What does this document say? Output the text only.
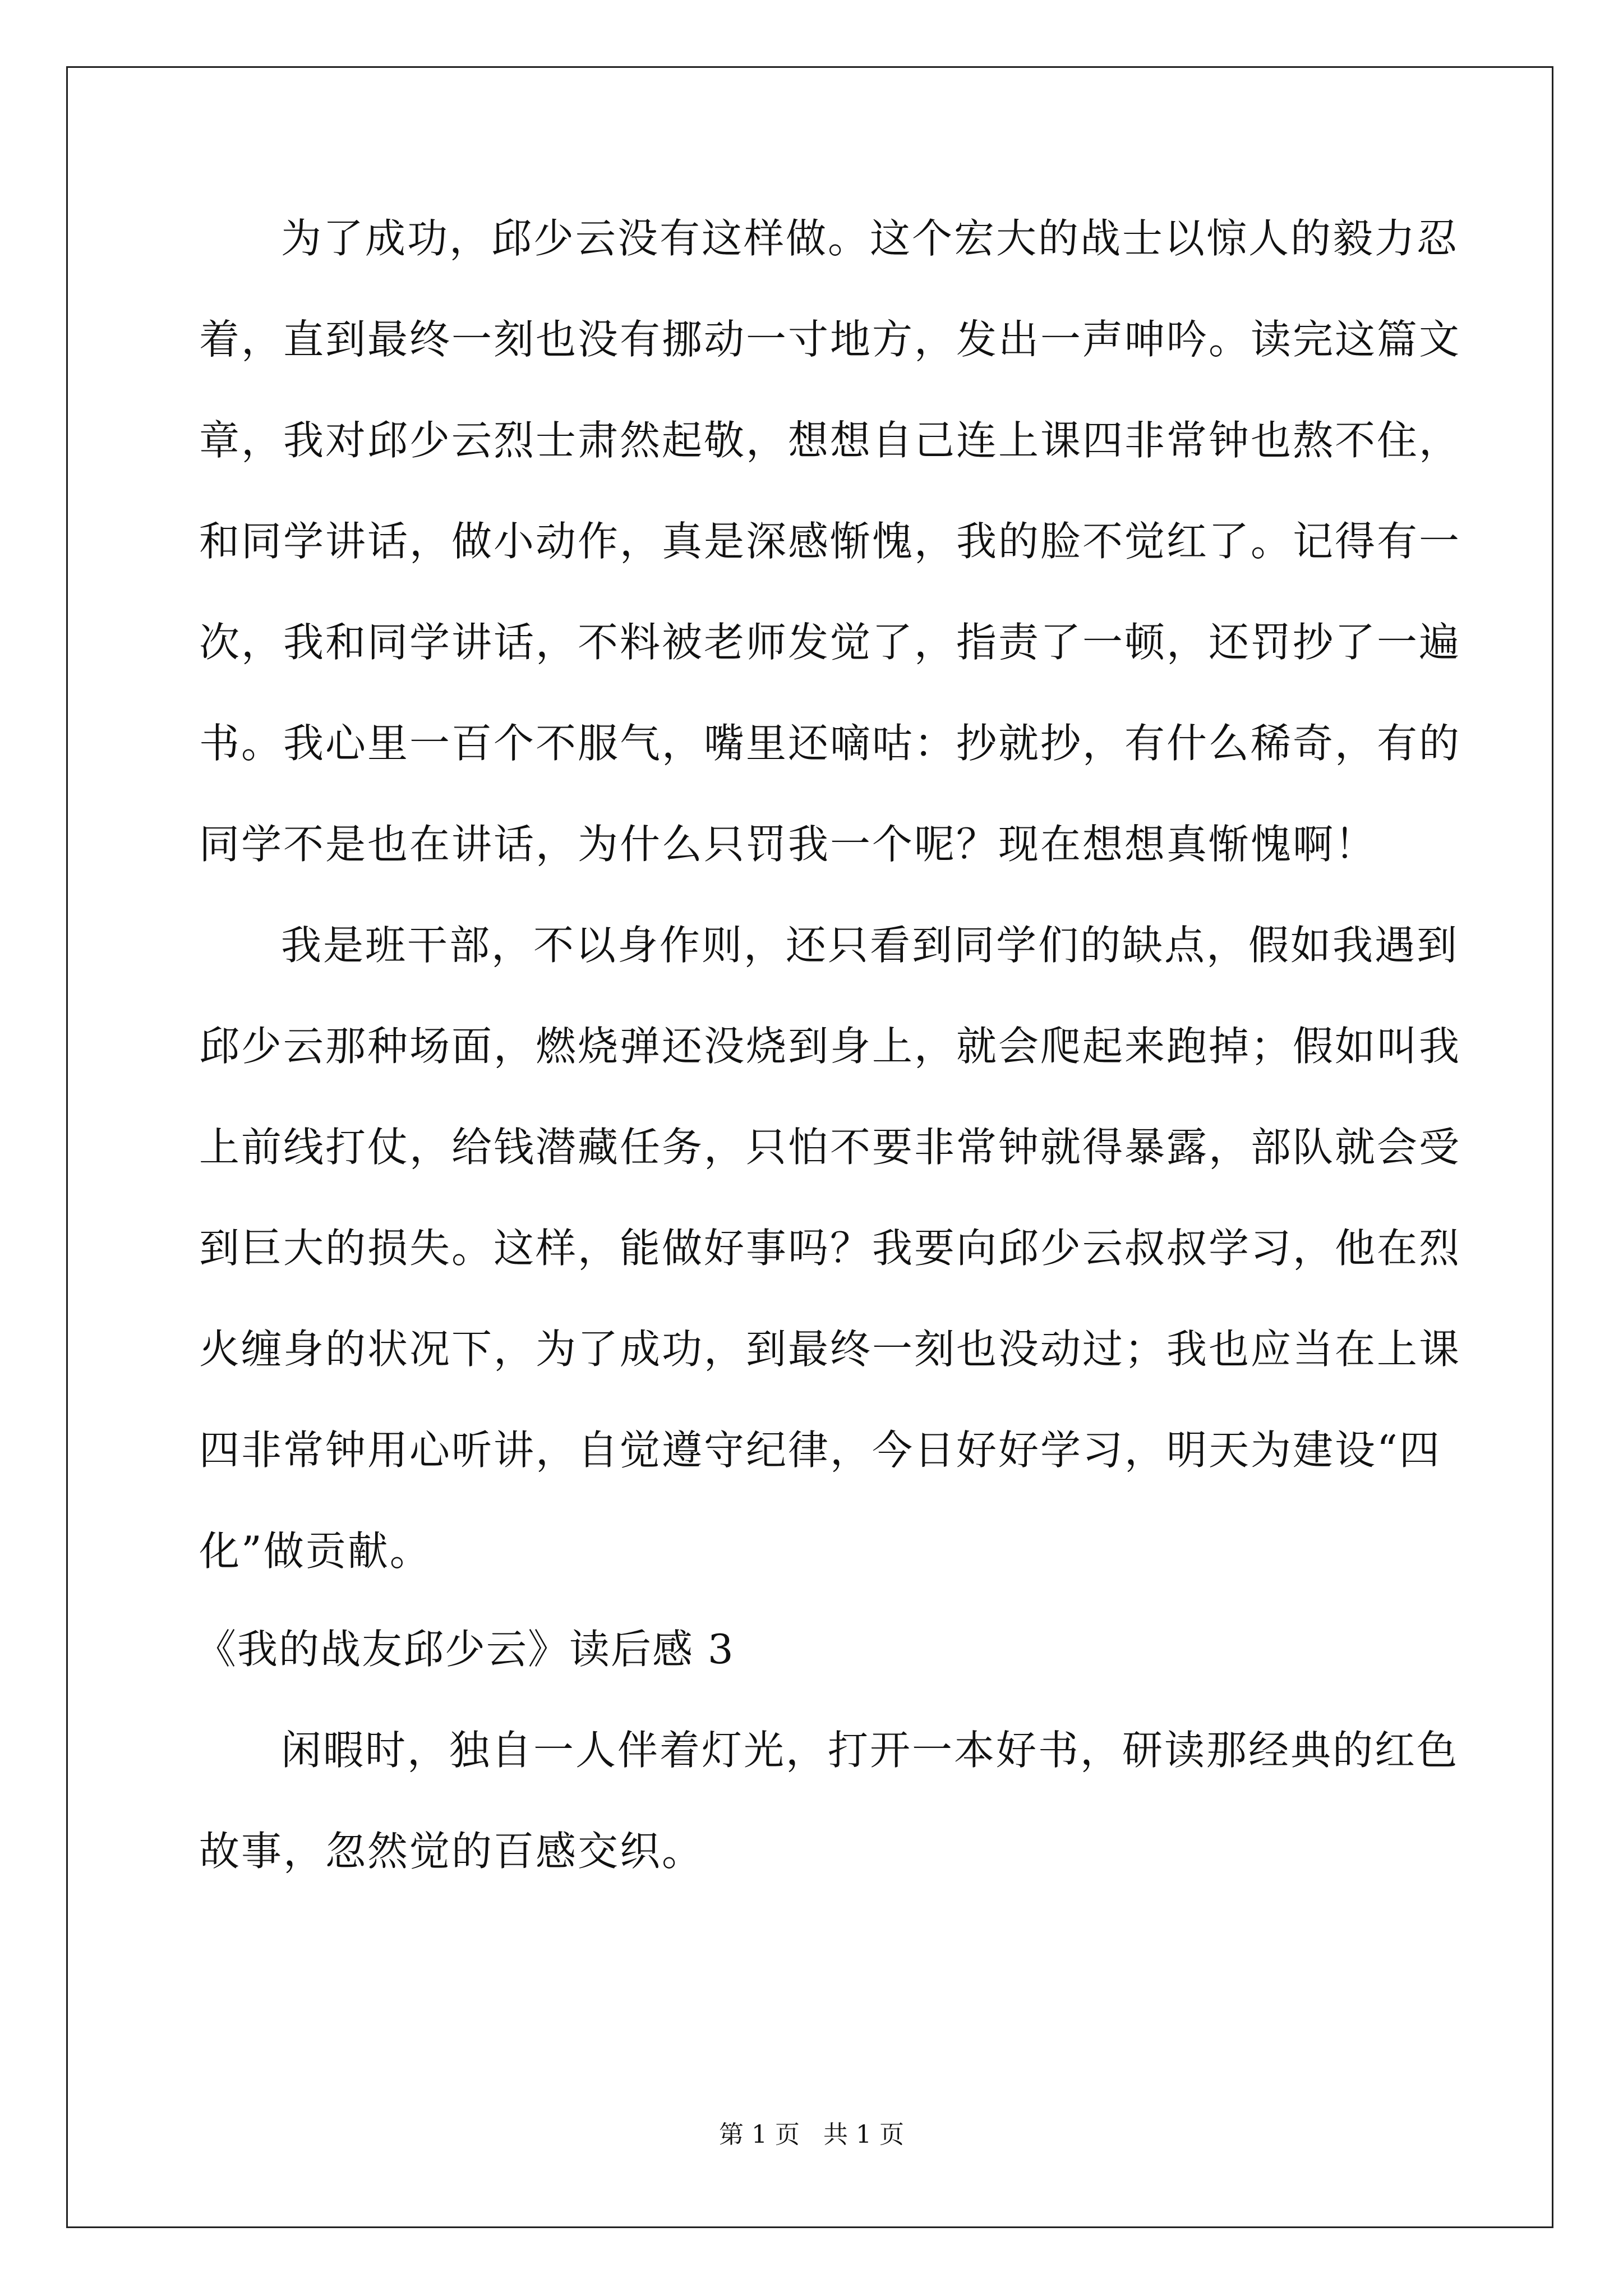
为了成功，邱少云没有这样做。这个宏大的战士以惊人的毅力忍
着，直到最终一刻也没有挪动一寸地方，发出一声呻吟。读完这篇文
章，我对邱少云烈士肃然起敬，想想自己连上课四非常钟也熬不住，
和同学讲话，做小动作，真是深感惭愧，我的脸不觉红了。记得有一
次，我和同学讲话，不料被老师发觉了，指责了一顿，还罚抄了一遍
书。我心里一百个不服气，嘴里还嘀咕：抄就抄，有什么稀奇，有的
同学不是也在讲话，为什么只罚我一个呢？现在想想真惭愧啊！
我是班干部，不以身作则，还只看到同学们的缺点，假如我遇到
邱少云那种场面，燃烧弹还没烧到身上，就会爬起来跑掉；假如叫我
上前线打仗，给钱潜藏任务，只怕不要非常钟就得暴露，部队就会受
到巨大的损失。这样，能做好事吗？我要向邱少云叔叔学习，他在烈
火缠身的状况下，为了成功，到最终一刻也没动过；我也应当在上课
四非常钟用心听讲，自觉遵守纪律，今日好好学习，明天为建设“四
化”做贡献。
《我的战友邱少云》读后感 3
闲暇时，独自一人伴着灯光，打开一本好书，研读那经典的红色
故事，忽然觉的百感交织。
第 1 页   共 1 页
